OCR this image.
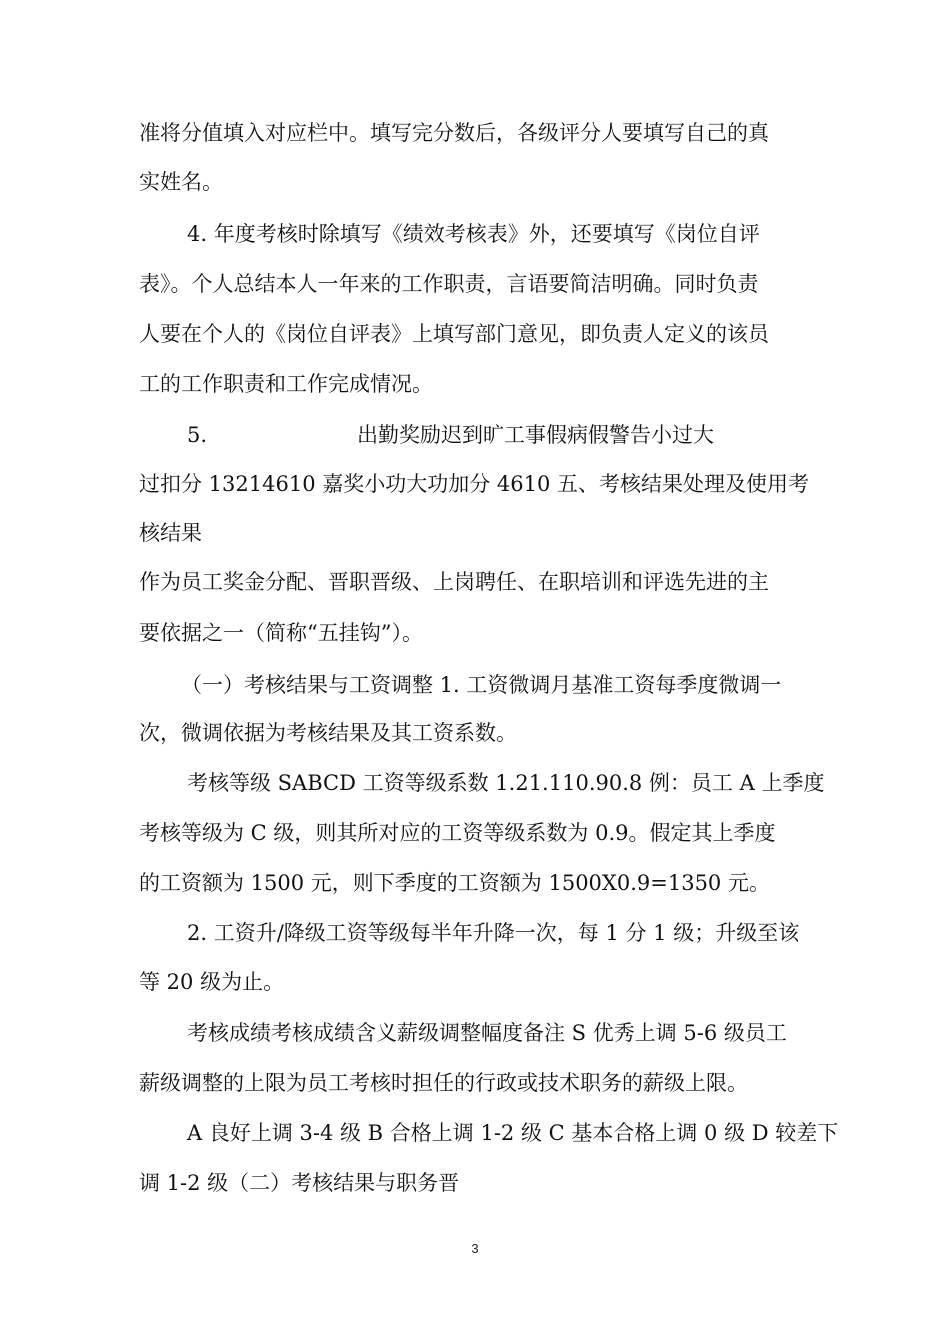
准将分值填入对应栏中。填写完分数后，各级评分人要填写自己的真
实姓名。
4. 年度考核时除填写《绩效考核表》外，还要填写《岗位自评
表》。个人总结本人一年来的工作职责，言语要简洁明确。同时负责
人要在个人的《岗位自评表》上填写部门意见，即负责人定义的该员
工的工作职责和工作完成情况。
5.	出勤奖励迟到旷工事假病假警告小过大
过扣分 13214610 嘉奖小功大功加分 4610 五、考核结果处理及使用考
核结果
作为员工奖金分配、晋职晋级、上岗聘任、在职培训和评选先进的主
要依据之一（简称“五挂钩”）。
（一）考核结果与工资调整 1. 工资微调月基准工资每季度微调一
次，微调依据为考核结果及其工资系数。
考核等级 SABCD 工资等级系数 1.21.110.90.8 例：员工 A 上季度
考核等级为 C 级，则其所对应的工资等级系数为 0.9。假定其上季度
的工资额为 1500 元，则下季度的工资额为 1500X0.9=1350 元。
2. 工资升/降级工资等级每半年升降一次，每 1 分 1 级；升级至该
等 20 级为止。
考核成绩考核成绩含义薪级调整幅度备注 S 优秀上调 5-6 级员工
薪级调整的上限为员工考核时担任的行政或技术职务的薪级上限。
A 良好上调 3-4 级 B 合格上调 1-2 级 C 基本合格上调 0 级 D 较差下
调 1-2 级（二）考核结果与职务晋
3
